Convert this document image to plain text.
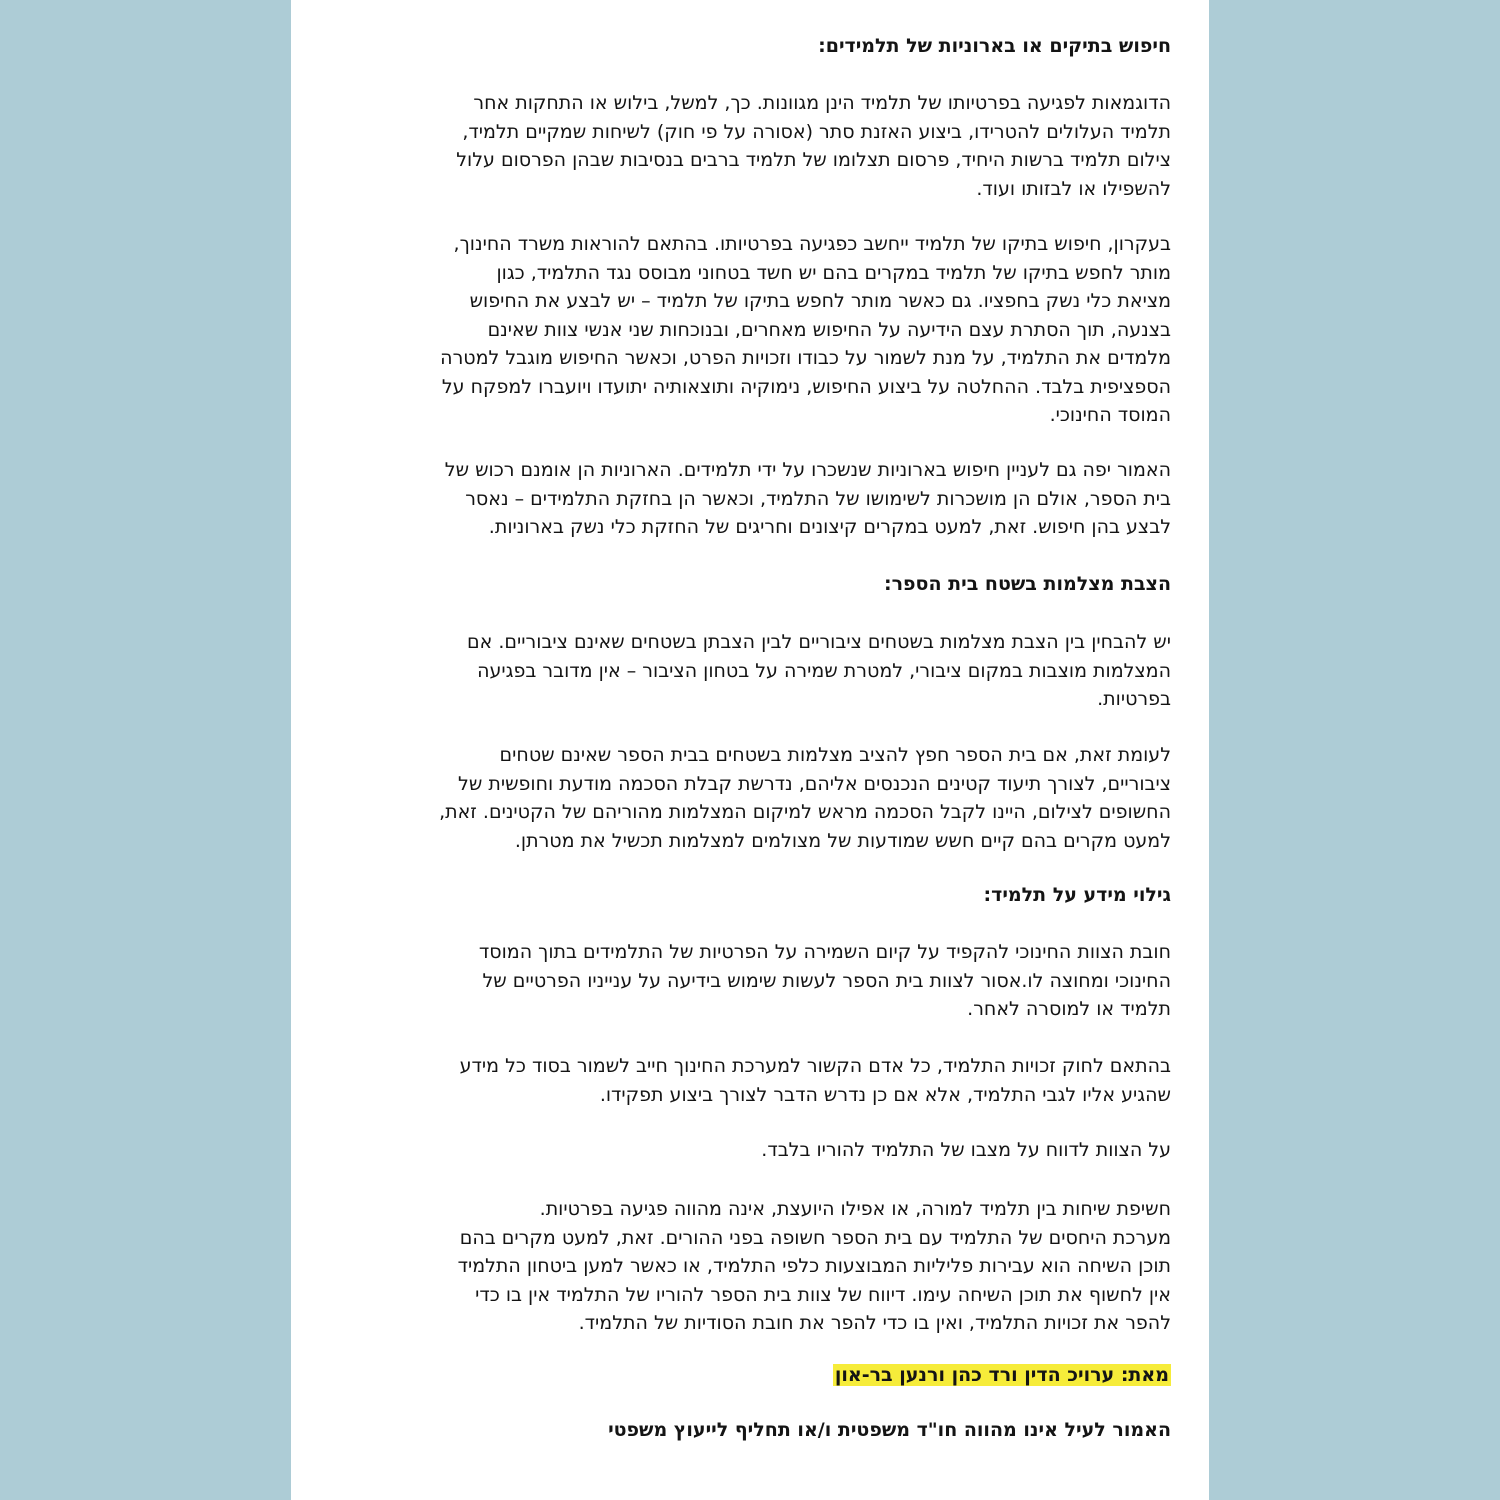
חיפוש בתיקים או בארוניות של תלמידים:

הדוגמאות לפגיעה בפרטיותו של תלמיד הינן מגוונות. כך, למשל, בילוש או התחקות אחר
תלמיד העלולים להטרידו, ביצוע האזנת סתר (אסורה על פי חוק) לשיחות שמקיים תלמיד,
צילום תלמיד ברשות היחיד, פרסום תצלומו של תלמיד ברבים בנסיבות שבהן הפרסום עלול
להשפילו או לבזותו ועוד.
בעקרון, חיפוש בתיקו של תלמיד ייחשב כפגיעה בפרטיותו. בהתאם להוראות משרד החינוך,
מותר לחפש בתיקו של תלמיד במקרים בהם יש חשד בטחוני מבוסס נגד התלמיד, כגון
מציאת כלי נשק בחפציו. גם כאשר מותר לחפש בתיקו של תלמיד – יש לבצע את החיפוש
בצנעה, תוך הסתרת עצם הידיעה על החיפוש מאחרים, ובנוכחות שני אנשי צוות שאינם
מלמדים את התלמיד, על מנת לשמור על כבודו וזכויות הפרט, וכאשר החיפוש מוגבל למטרה
הספציפית בלבד. ההחלטה על ביצוע החיפוש, נימוקיה ותוצאותיה יתועדו ויועברו למפקח על
המוסד החינוכי.
האמור יפה גם לעניין חיפוש בארוניות שנשכרו על ידי תלמידים. הארוניות הן אומנם רכוש של
בית הספר, אולם הן מושכרות לשימושו של התלמיד, וכאשר הן בחזקת התלמידים – נאסר
לבצע בהן חיפוש. זאת, למעט במקרים קיצונים וחריגים של החזקת כלי נשק בארוניות.

הצבת מצלמות בשטח בית הספר:

יש להבחין בין הצבת מצלמות בשטחים ציבוריים לבין הצבתן בשטחים שאינם ציבוריים. אם
המצלמות מוצבות במקום ציבורי, למטרת שמירה על בטחון הציבור – אין מדובר בפגיעה
בפרטיות.
לעומת זאת, אם בית הספר חפץ להציב מצלמות בשטחים בבית הספר שאינם שטחים
ציבוריים, לצורך תיעוד קטינים הנכנסים אליהם, נדרשת קבלת הסכמה מודעת וחופשית של
החשופים לצילום, היינו לקבל הסכמה מראש למיקום המצלמות מהוריהם של הקטינים. זאת,
למעט מקרים בהם קיים חשש שמודעות של מצולמים למצלמות תכשיל את מטרתן.

גילוי מידע על תלמיד:

חובת הצוות החינוכי להקפיד על קיום השמירה על הפרטיות של התלמידים בתוך המוסד
החינוכי ומחוצה לו.אסור לצוות בית הספר לעשות שימוש בידיעה על ענייניו הפרטיים של
תלמיד או למוסרה לאחר.
בהתאם לחוק זכויות התלמיד, כל אדם הקשור למערכת החינוך חייב לשמור בסוד כל מידע
שהגיע אליו לגבי התלמיד, אלא אם כן נדרש הדבר לצורך ביצוע תפקידו.
על הצוות לדווח על מצבו של התלמיד להוריו בלבד.
חשיפת שיחות בין תלמיד למורה, או אפילו היועצת, אינה מהווה פגיעה בפרטיות.
מערכת היחסים של התלמיד עם בית הספר חשופה בפני ההורים. זאת, למעט מקרים בהם
תוכן השיחה הוא עבירות פליליות המבוצעות כלפי התלמיד, או כאשר למען ביטחון התלמיד
אין לחשוף את תוכן השיחה עימו. דיווח של צוות בית הספר להוריו של התלמיד אין בו כדי
להפר את זכויות התלמיד, ואין בו כדי להפר את חובת הסודיות של התלמיד.

מאת: ערויכ הדין ורד כהן ורנען בר-און

האמור לעיל אינו מהווה חו"ד משפטית ו/או תחליף לייעוץ משפטי
